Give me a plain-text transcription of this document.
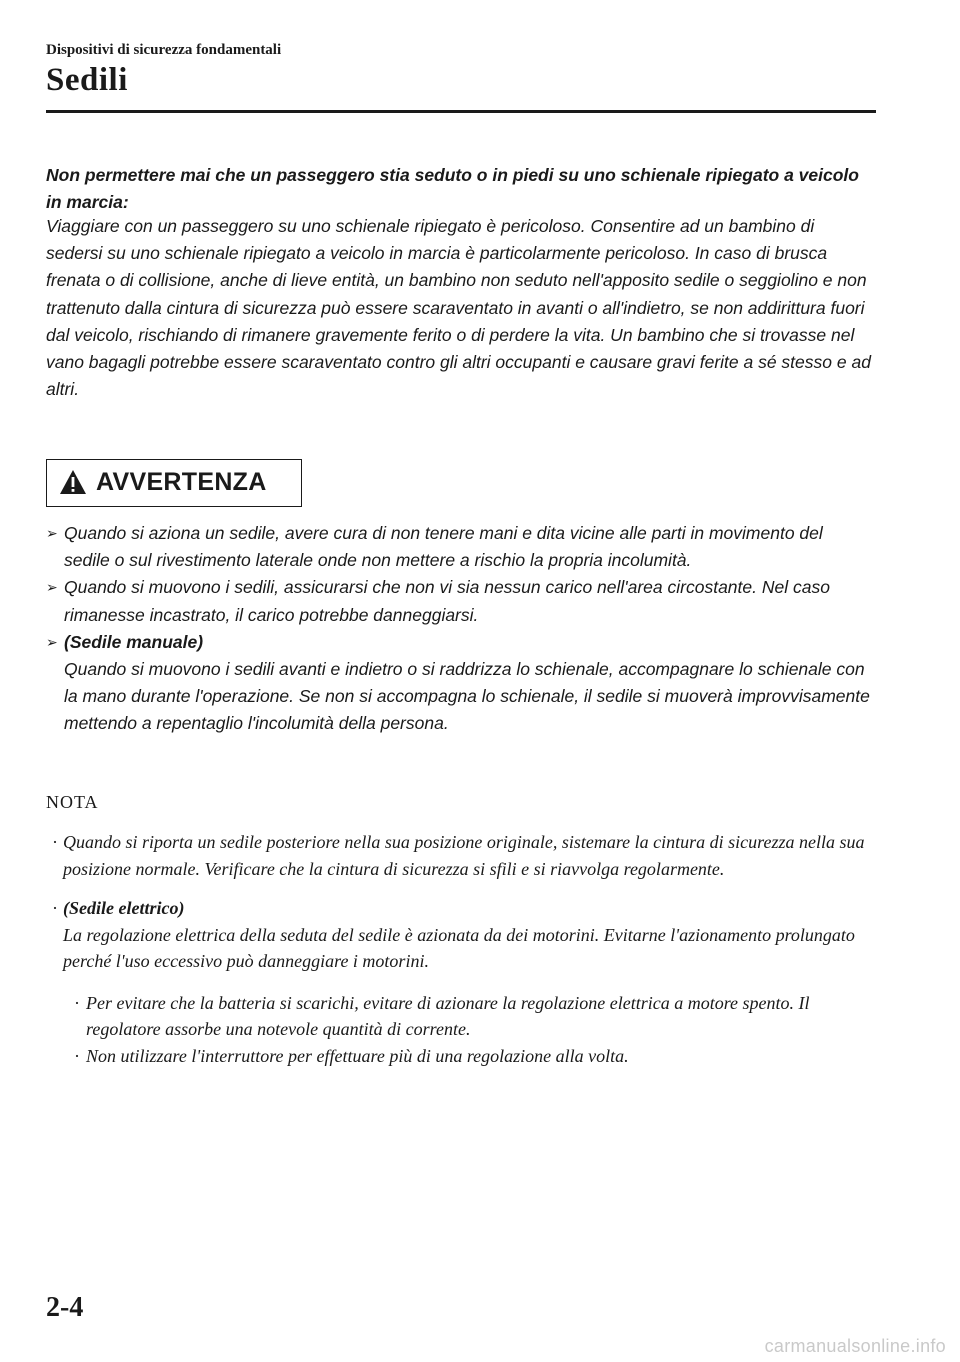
Dispositivi di sicurezza fondamentali
Sedili
Non permettere mai che un passeggero stia seduto o in piedi su uno schienale ripiegato a veicolo in marcia:
Viaggiare con un passeggero su uno schienale ripiegato è pericoloso. Consentire ad un bambino di sedersi su uno schienale ripiegato a veicolo in marcia è particolarmente pericoloso. In caso di brusca frenata o di collisione, anche di lieve entità, un bambino non seduto nell'apposito sedile o seggiolino e non trattenuto dalla cintura di sicurezza può essere scaraventato in avanti o all'indietro, se non addirittura fuori dal veicolo, rischiando di rimanere gravemente ferito o di perdere la vita. Un bambino che si trovasse nel vano bagagli potrebbe essere scaraventato contro gli altri occupanti e causare gravi ferite a sé stesso e ad altri.
AVVERTENZA
➢ Quando si aziona un sedile, avere cura di non tenere mani e dita vicine alle parti in movimento del sedile o sul rivestimento laterale onde non mettere a rischio la propria incolumità.
➢ Quando si muovono i sedili, assicurarsi che non vi sia nessun carico nell'area circostante. Nel caso rimanesse incastrato, il carico potrebbe danneggiarsi.
➢ (Sedile manuale)
Quando si muovono i sedili avanti e indietro o si raddrizza lo schienale, accompagnare lo schienale con la mano durante l'operazione. Se non si accompagna lo schienale, il sedile si muoverà improvvisamente mettendo a repentaglio l'incolumità della persona.
NOTA
· Quando si riporta un sedile posteriore nella sua posizione originale, sistemare la cintura di sicurezza nella sua posizione normale. Verificare che la cintura di sicurezza si sfili e si riavvolga regolarmente.
· (Sedile elettrico)
La regolazione elettrica della seduta del sedile è azionata da dei motorini. Evitarne l'azionamento prolungato perché l'uso eccessivo può danneggiare i motorini.
· Per evitare che la batteria si scarichi, evitare di azionare la regolazione elettrica a motore spento. Il regolatore assorbe una notevole quantità di corrente.
· Non utilizzare l'interruttore per effettuare più di una regolazione alla volta.
2-4
carmanualsonline.info
